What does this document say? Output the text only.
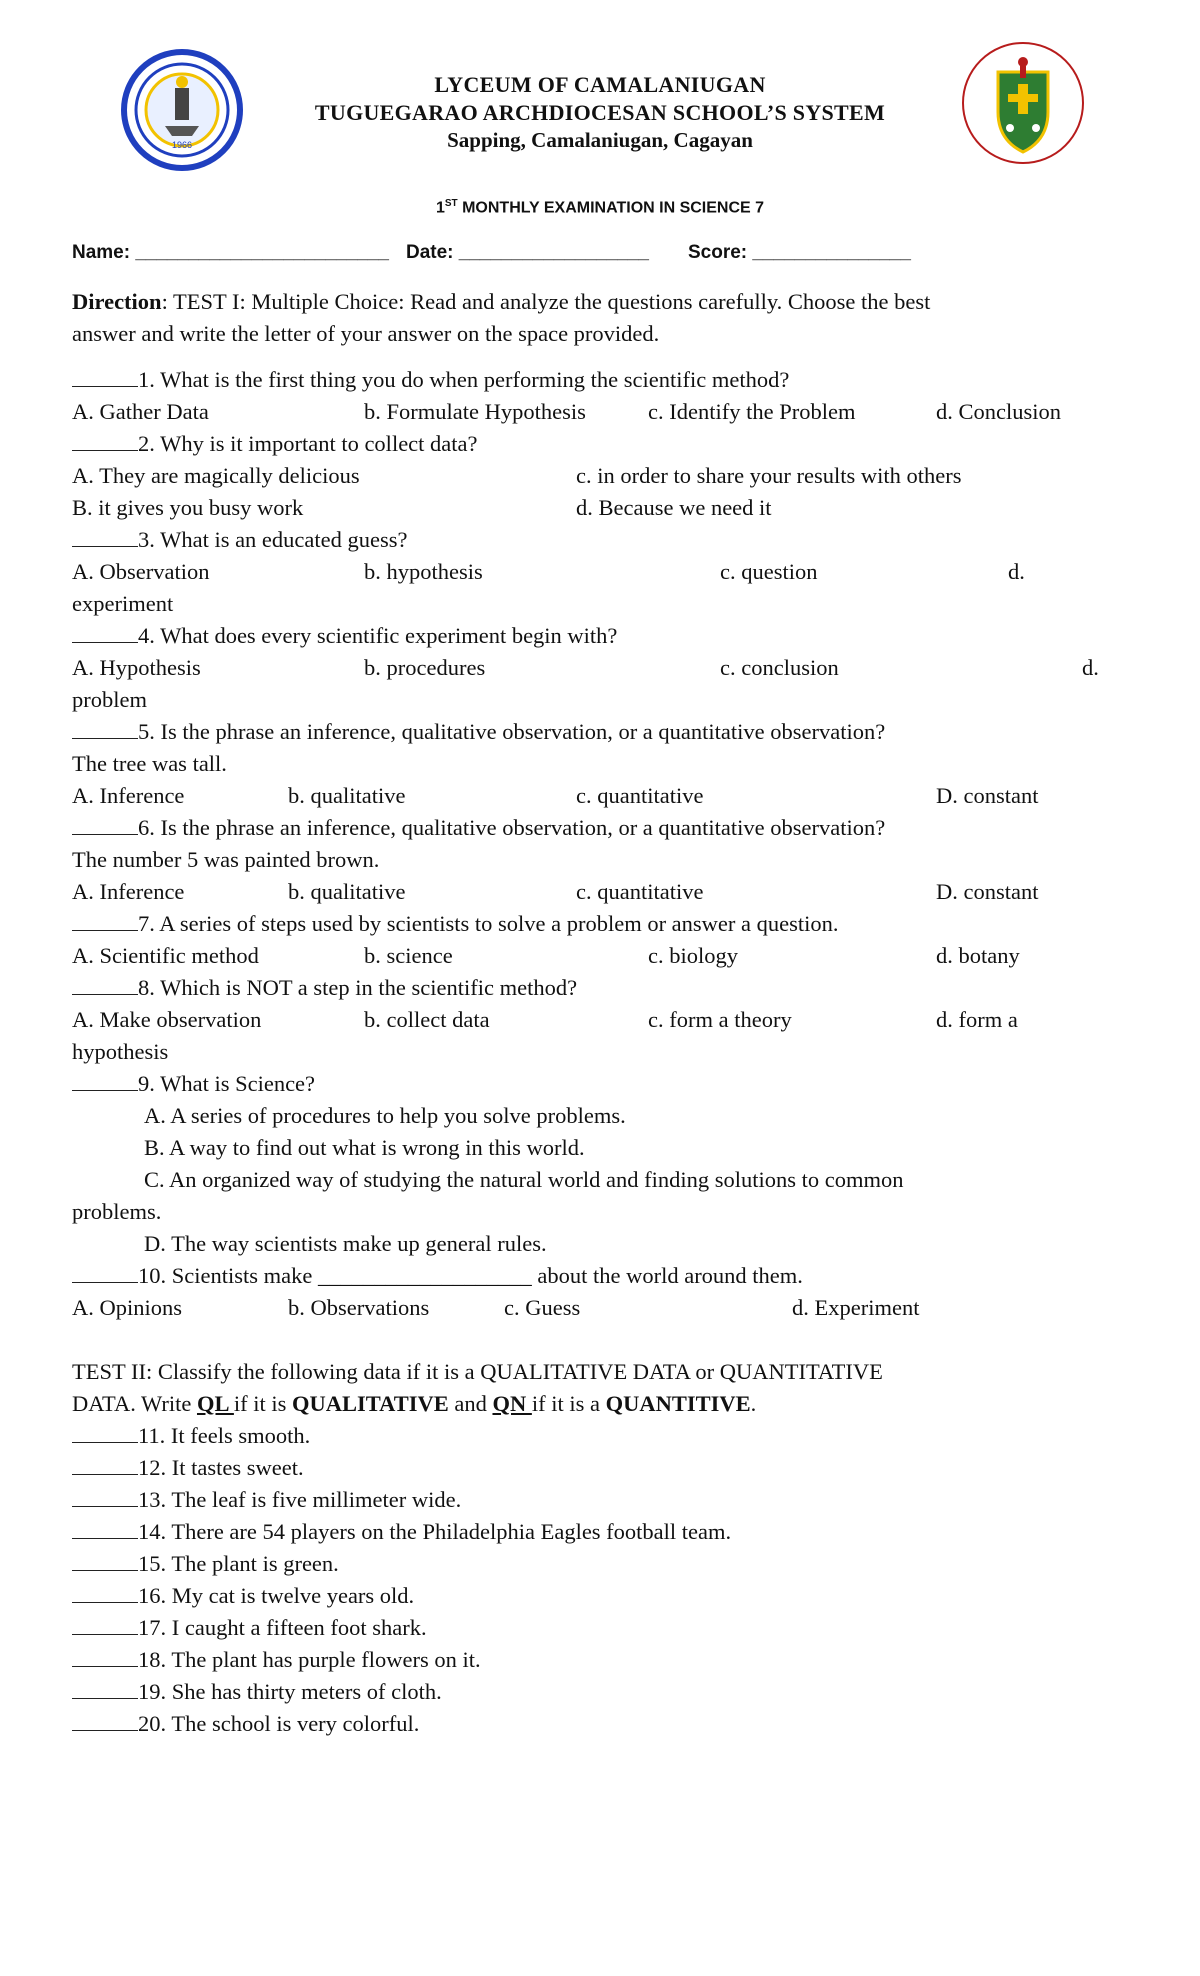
1966
LYCEUM OF CAMALANIUGAN
TUGUEGARAO ARCHDIOCESAN SCHOOL’S SYSTEM
Sapping, Camalaniugan, Cagayan
1ST MONTHLY EXAMINATION IN SCIENCE 7
Name: ________________________ Date: __________________ Score: _______________

Direction: TEST I: Multiple Choice: Read and analyze the questions carefully. Choose the best

answer and write the letter of your answer on the space provided.

1. What is the first thing you do when performing the scientific method?

A. Gather Data	b. Formulate Hypothesis	c. Identify the Problem	d. Conclusion

2. Why is it important to collect data?

A. They are magically delicious	c. in order to share your results with others
B. it gives you busy work	d. Because we need it

3. What is an educated guess?

A. Observation	b. hypothesis	c. question	d.

experiment

4. What does every scientific experiment begin with?

A. Hypothesis	b. procedures	c. conclusion	d.

problem

5. Is the phrase an inference, qualitative observation, or a quantitative observation?

The tree was tall.

A. Inference	b. qualitative	c. quantitative	D. constant

6. Is the phrase an inference, qualitative observation, or a quantitative observation?

The number 5 was painted brown.

A. Inference	b. qualitative	c. quantitative	D. constant

7. A series of steps used by scientists to solve a problem or answer a question.

A. Scientific method	b. science	c. biology	d. botany

8. Which is NOT a step in the scientific method?

A. Make observation	b. collect data	c. form a theory	d. form a

hypothesis

9. What is Science?

A. A series of procedures to help you solve problems.

B. A way to find out what is wrong in this world.

C. An organized way of studying the natural world and finding solutions to common

problems.

D. The way scientists make up general rules.

10. Scientists make ___________________ about the world around them.

A. Opinions	b. Observations	c. Guess	d. Experiment

TEST II: Classify the following data if it is a QUALITATIVE DATA or QUANTITATIVE

DATA. Write QL if it is QUALITATIVE and QN if it is a QUANTITIVE.

11. It feels smooth.

12. It tastes sweet.

13. The leaf is five millimeter wide.

14. There are 54 players on the Philadelphia Eagles football team.

15. The plant is green.

16. My cat is twelve years old.

17. I caught a fifteen foot shark.

18. The plant has purple flowers on it.

19. She has thirty meters of cloth.

20. The school is very colorful.
